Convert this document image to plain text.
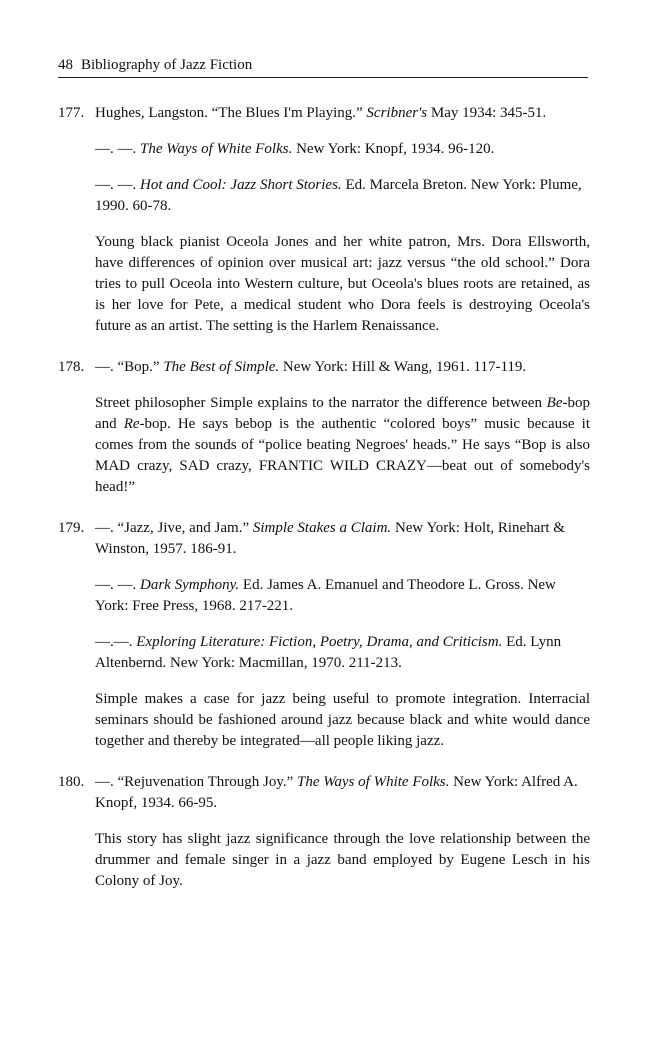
48 Bibliography of Jazz Fiction
177. Hughes, Langston. “The Blues I'm Playing.” Scribner's May 1934: 345-51.
—. —. The Ways of White Folks. New York: Knopf, 1934. 96-120.
—. —. Hot and Cool: Jazz Short Stories. Ed. Marcela Breton. New York: Plume, 1990. 60-78.
Young black pianist Oceola Jones and her white patron, Mrs. Dora Ellsworth, have differences of opinion over musical art: jazz versus “the old school.” Dora tries to pull Oceola into Western culture, but Oceola's blues roots are retained, as is her love for Pete, a medical student who Dora feels is destroying Oceola's future as an artist. The setting is the Harlem Renaissance.
178. —. “Bop.” The Best of Simple. New York: Hill & Wang, 1961. 117-119.
Street philosopher Simple explains to the narrator the difference between Be-bop and Re-bop. He says bebop is the authentic “colored boys” music because it comes from the sounds of “police beating Negroes' heads.” He says “Bop is also MAD crazy, SAD crazy, FRANTIC WILD CRAZY—beat out of somebody's head!”
179. —. “Jazz, Jive, and Jam.” Simple Stakes a Claim. New York: Holt, Rinehart & Winston, 1957. 186-91.
—. —. Dark Symphony. Ed. James A. Emanuel and Theodore L. Gross. New York: Free Press, 1968. 217-221.
—.—. Exploring Literature: Fiction, Poetry, Drama, and Criticism. Ed. Lynn Altenbernd. New York: Macmillan, 1970. 211-213.
Simple makes a case for jazz being useful to promote integration. Interracial seminars should be fashioned around jazz because black and white would dance together and thereby be integrated—all people liking jazz.
180. —. “Rejuvenation Through Joy.” The Ways of White Folks. New York: Alfred A. Knopf, 1934. 66-95.
This story has slight jazz significance through the love relationship between the drummer and female singer in a jazz band employed by Eugene Lesch in his Colony of Joy.
